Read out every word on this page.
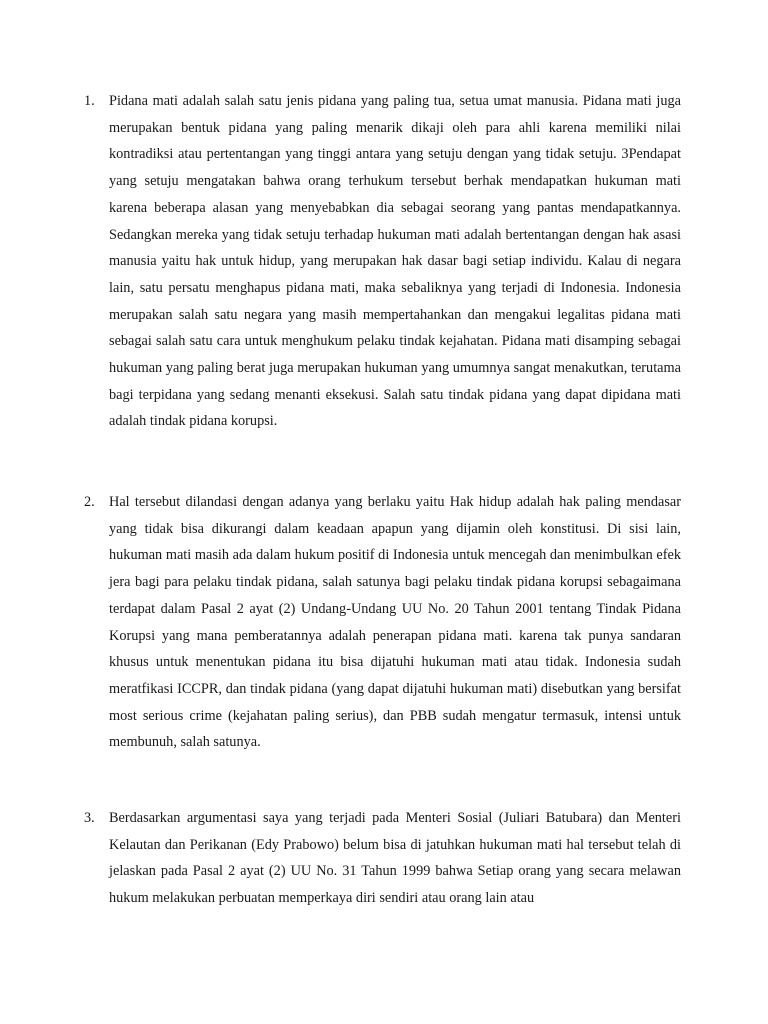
1. Pidana mati adalah salah satu jenis pidana yang paling tua, setua umat manusia. Pidana mati juga merupakan bentuk pidana yang paling menarik dikaji oleh para ahli karena memiliki nilai kontradiksi atau pertentangan yang tinggi antara yang setuju dengan yang tidak setuju. 3Pendapat yang setuju mengatakan bahwa orang terhukum tersebut berhak mendapatkan hukuman mati karena beberapa alasan yang menyebabkan dia sebagai seorang yang pantas mendapatkannya. Sedangkan mereka yang tidak setuju terhadap hukuman mati adalah bertentangan dengan hak asasi manusia yaitu hak untuk hidup, yang merupakan hak dasar bagi setiap individu. Kalau di negara lain, satu persatu menghapus pidana mati, maka sebaliknya yang terjadi di Indonesia. Indonesia merupakan salah satu negara yang masih mempertahankan dan mengakui legalitas pidana mati sebagai salah satu cara untuk menghukum pelaku tindak kejahatan. Pidana mati disamping sebagai hukuman yang paling berat juga merupakan hukuman yang umumnya sangat menakutkan, terutama bagi terpidana yang sedang menanti eksekusi. Salah satu tindak pidana yang dapat dipidana mati adalah tindak pidana korupsi.
2. Hal tersebut dilandasi dengan adanya yang berlaku yaitu Hak hidup adalah hak paling mendasar yang tidak bisa dikurangi dalam keadaan apapun yang dijamin oleh konstitusi. Di sisi lain, hukuman mati masih ada dalam hukum positif di Indonesia untuk mencegah dan menimbulkan efek jera bagi para pelaku tindak pidana, salah satunya bagi pelaku tindak pidana korupsi sebagaimana terdapat dalam Pasal 2 ayat (2) Undang-Undang UU No. 20 Tahun 2001 tentang Tindak Pidana Korupsi yang mana pemberatannya adalah penerapan pidana mati. karena tak punya sandaran khusus untuk menentukan pidana itu bisa dijatuhi hukuman mati atau tidak. Indonesia sudah meratfikasi ICCPR, dan tindak pidana (yang dapat dijatuhi hukuman mati) disebutkan yang bersifat most serious crime (kejahatan paling serius), dan PBB sudah mengatur termasuk, intensi untuk membunuh, salah satunya.
3. Berdasarkan argumentasi saya yang terjadi pada Menteri Sosial (Juliari Batubara) dan Menteri Kelautan dan Perikanan (Edy Prabowo) belum bisa di jatuhkan hukuman mati hal tersebut telah di jelaskan pada Pasal 2 ayat (2) UU No. 31 Tahun 1999 bahwa Setiap orang yang secara melawan hukum melakukan perbuatan memperkaya diri sendiri atau orang lain atau
